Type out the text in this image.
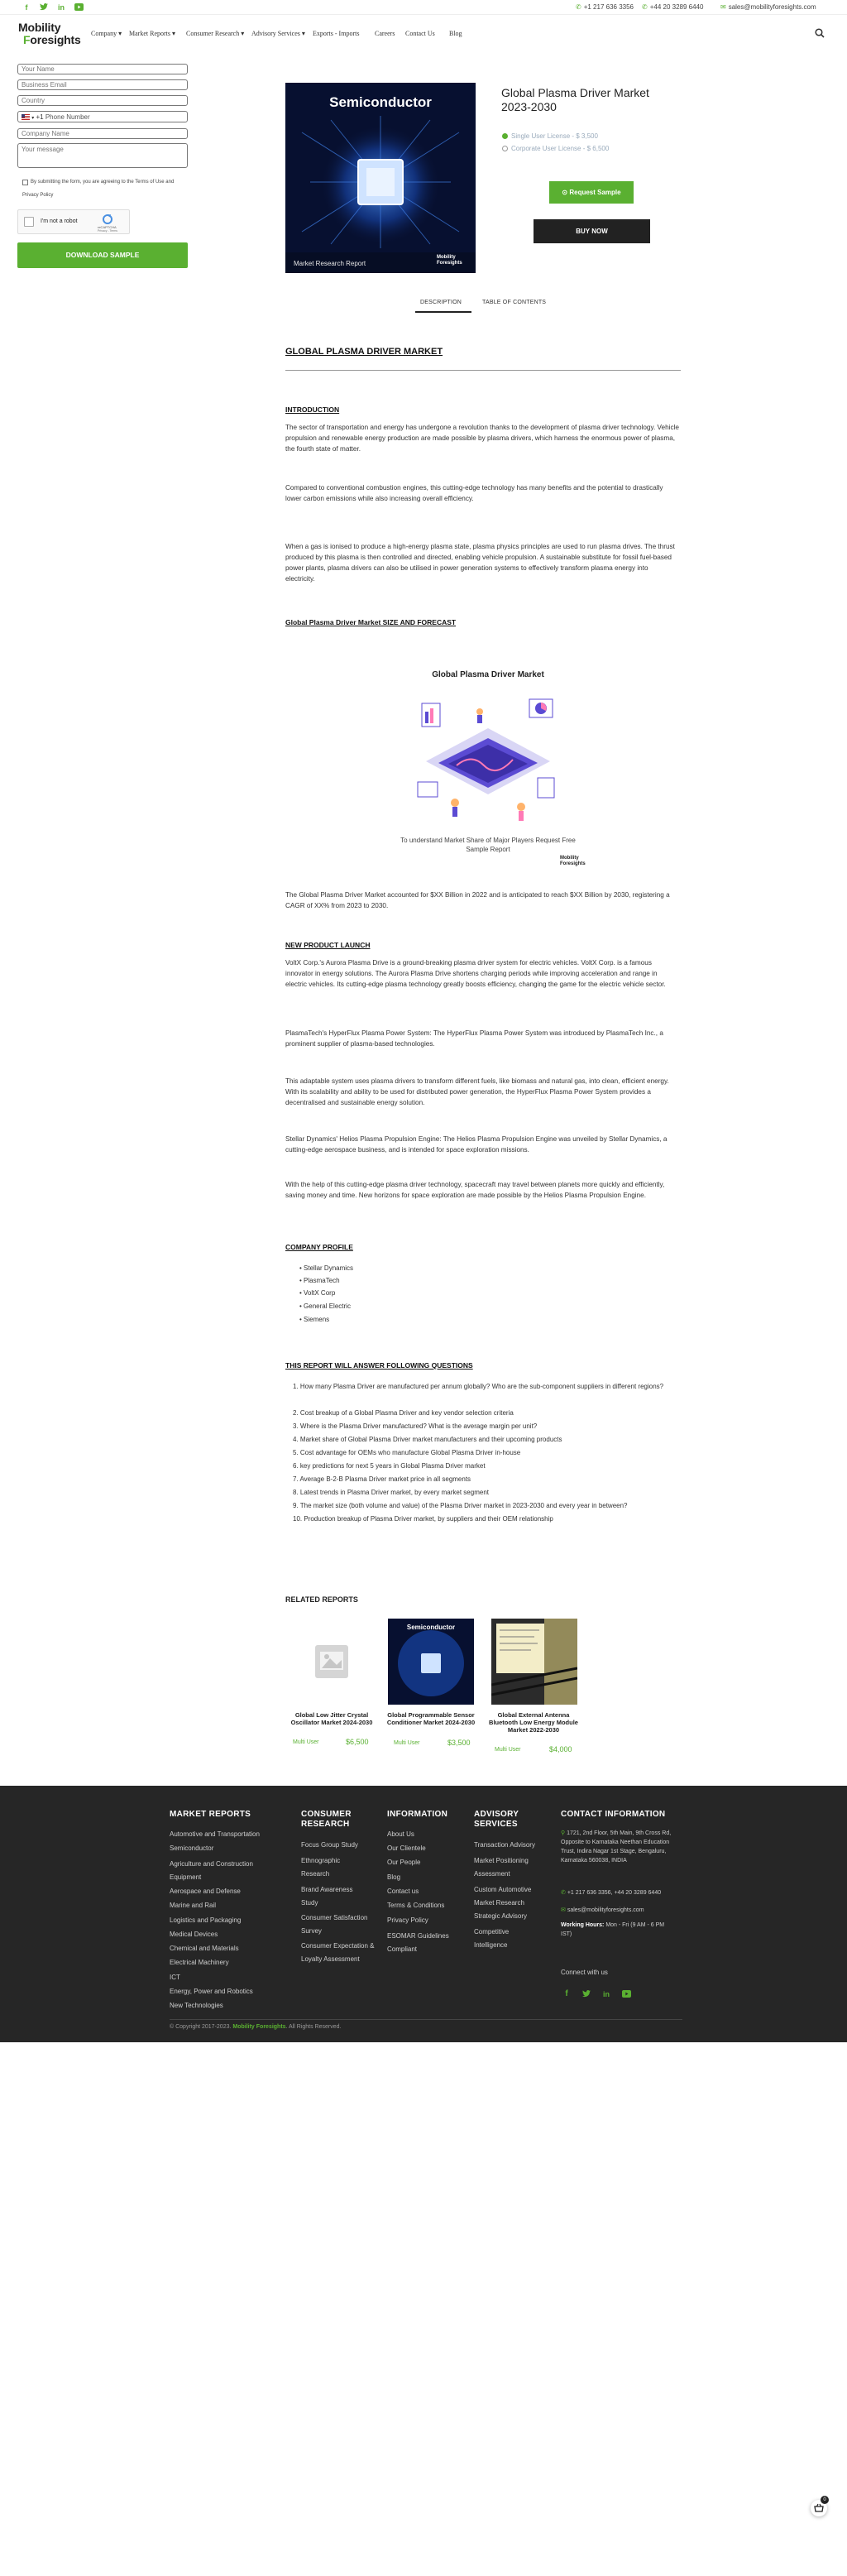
f	in	✆ +1 217 636 3356 ✆ +44 20 3289 6440	✉ sales@mobilityforesights.com
Mobility
Foresights Company ▾ Market Reports ▾ Consumer Research ▾ Advisory Services ▾ Exports - Imports Careers Contact Us Blog
Your Name
Business Email
Country
▾ +1 Phone Number
Company Name
Your message
By submitting the form, you are agreeing to the Terms of Use and
Privacy Policy
I'm not a robot
reCAPTCHA
Privacy - Terms
DOWNLOAD SAMPLE
Semiconductor
Market Research Report
Mobility
Foresights
Global Plasma Driver Market
2023-2030
Single User License - $ 3,500
Corporate User License - $ 6,500
⊙ Request Sample
BUY NOW
DESCRIPTION	TABLE OF CONTENTS
GLOBAL PLASMA DRIVER MARKET
INTRODUCTION
The sector of transportation and energy has undergone a revolution thanks to the development of plasma driver technology. Vehicle propulsion and renewable energy production are made possible by plasma drivers, which harness the enormous power of plasma, the fourth state of matter.
Compared to conventional combustion engines, this cutting-edge technology has many benefits and the potential to drastically lower carbon emissions while also increasing overall efficiency.
When a gas is ionised to produce a high-energy plasma state, plasma physics principles are used to run plasma drives. The thrust produced by this plasma is then controlled and directed, enabling vehicle propulsion. A sustainable substitute for fossil fuel-based power plants, plasma drivers can also be utilised in power generation systems to effectively transform plasma energy into electricity.
Global Plasma Driver Market SIZE AND FORECAST
Global Plasma Driver Market
To understand Market Share of Major Players Request Free
Sample Report
Mobility
Foresights
The Global Plasma Driver Market accounted for $XX Billion in 2022 and is anticipated to reach $XX Billion by 2030, registering a CAGR of XX% from 2023 to 2030.
NEW PRODUCT LAUNCH
VoltX Corp.'s Aurora Plasma Drive is a ground-breaking plasma driver system for electric vehicles. VoltX Corp. is a famous innovator in energy solutions. The Aurora Plasma Drive shortens charging periods while improving acceleration and range in electric vehicles. Its cutting-edge plasma technology greatly boosts efficiency, changing the game for the electric vehicle sector.
PlasmaTech's HyperFlux Plasma Power System: The HyperFlux Plasma Power System was introduced by PlasmaTech Inc., a prominent supplier of plasma-based technologies.
This adaptable system uses plasma drivers to transform different fuels, like biomass and natural gas, into clean, efficient energy. With its scalability and ability to be used for distributed power generation, the HyperFlux Plasma Power System provides a decentralised and sustainable energy solution.
Stellar Dynamics' Helios Plasma Propulsion Engine: The Helios Plasma Propulsion Engine was unveiled by Stellar Dynamics, a cutting-edge aerospace business, and is intended for space exploration missions.
With the help of this cutting-edge plasma driver technology, spacecraft may travel between planets more quickly and efficiently, saving money and time. New horizons for space exploration are made possible by the Helios Plasma Propulsion Engine.
COMPANY PROFILE
• Stellar Dynamics
• PlasmaTech
• VoltX Corp
• General Electric
• Siemens
THIS REPORT WILL ANSWER FOLLOWING QUESTIONS
1. How many Plasma Driver are manufactured per annum globally? Who are the sub-component suppliers in different regions?
2. Cost breakup of a Global Plasma Driver and key vendor selection criteria
3. Where is the Plasma Driver manufactured? What is the average margin per unit?
4. Market share of Global Plasma Driver market manufacturers and their upcoming products
5. Cost advantage for OEMs who manufacture Global Plasma Driver in-house
6. key predictions for next 5 years in Global Plasma Driver market
7. Average B-2-B Plasma Driver market price in all segments
8. Latest trends in Plasma Driver market, by every market segment
9. The market size (both volume and value) of the Plasma Driver market in 2023-2030 and every year in between?
10. Production breakup of Plasma Driver market, by suppliers and their OEM relationship
RELATED REPORTS
Global Low Jitter Crystal Oscillator Market 2024-2030
Multi User	$6,500
Semiconductor
Global Programmable Sensor Conditioner Market 2024-2030
Multi User	$3,500
Global External Antenna Bluetooth Low Energy Module Market 2022-2030
Multi User	$4,000
MARKET REPORTS
Automotive and Transportation
Semiconductor
Agriculture and Construction Equipment
Aerospace and Defense
Marine and Rail
Logistics and Packaging
Medical Devices
Chemical and Materials
Electrical Machinery
ICT
Energy, Power and Robotics
New Technologies
CONSUMER RESEARCH
Focus Group Study
Ethnographic Research
Brand Awareness Study
Consumer Satisfaction Survey
Consumer Expectation & Loyalty Assessment
INFORMATION
About Us
Our Clientele
Our People
Blog
Contact us
Terms & Conditions
Privacy Policy
ESOMAR Guidelines Compliant
ADVISORY SERVICES
Transaction Advisory
Market Positioning Assessment
Custom Automotive Market Research
Strategic Advisory
Competitive Intelligence
CONTACT INFORMATION
⚲ 1721, 2nd Floor, 5th Main, 9th Cross Rd, Opposite to Karnataka Neethan Education Trust, Indira Nagar 1st Stage, Bengaluru, Karnataka 560038, INDIA
✆ +1 217 636 3356, +44 20 3289 6440
✉ sales@mobilityforesights.com
Working Hours: Mon - Fri (9 AM - 6 PM IST)
Connect with us
f	in
© Copyright 2017-2023. Mobility Foresights. All Rights Reserved.
0
